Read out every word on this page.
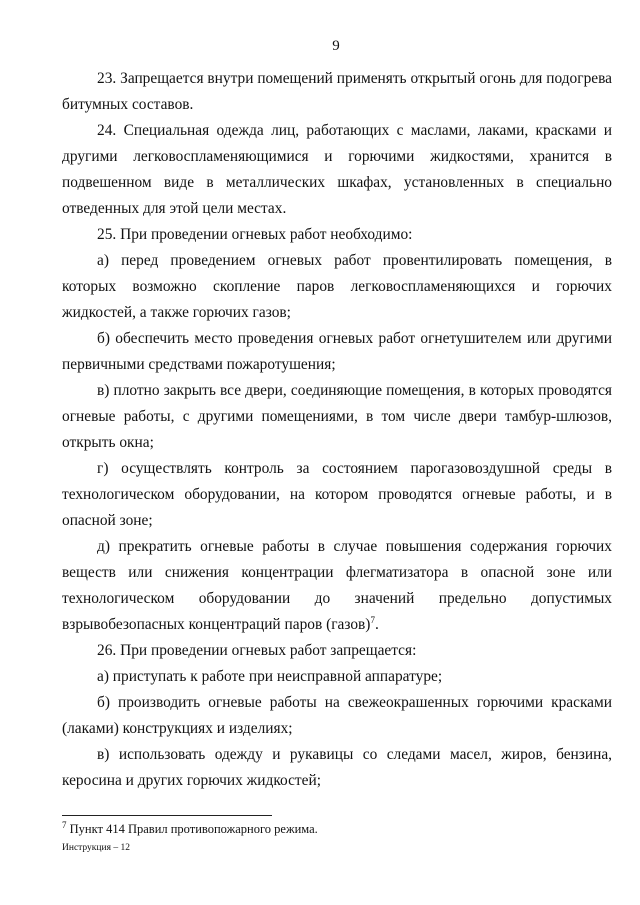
9

23. Запрещается внутри помещений применять открытый огонь для подогрева битумных составов.

24. Специальная одежда лиц, работающих с маслами, лаками, красками и другими легковоспламеняющимися и горючими жидкостями, хранится в подвешенном виде в металлических шкафах, установленных в специально отведенных для этой цели местах.

25. При проведении огневых работ необходимо:

а) перед проведением огневых работ провентилировать помещения, в которых возможно скопление паров легковоспламеняющихся и горючих жидкостей, а также горючих газов;

б) обеспечить место проведения огневых работ огнетушителем или другими первичными средствами пожаротушения;

в) плотно закрыть все двери, соединяющие помещения, в которых проводятся огневые работы, с другими помещениями, в том числе двери тамбур-шлюзов, открыть окна;

г) осуществлять контроль за состоянием парогазовоздушной среды в технологическом оборудовании, на котором проводятся огневые работы, и в опасной зоне;

д) прекратить огневые работы в случае повышения содержания горючих веществ или снижения концентрации флегматизатора в опасной зоне или технологическом оборудовании до значений предельно допустимых взрывобезопасных концентраций паров (газов)$^7$.

26. При проведении огневых работ запрещается:

а) приступать к работе при неисправной аппаратуре;

б) производить огневые работы на свежеокрашенных горючими красками (лаками) конструкциях и изделиях;

в) использовать одежду и рукавицы со следами масел, жиров, бензина, керосина и других горючих жидкостей;

$^7$ Пункт 414 Правил противопожарного режима.
Инструкция – 12
